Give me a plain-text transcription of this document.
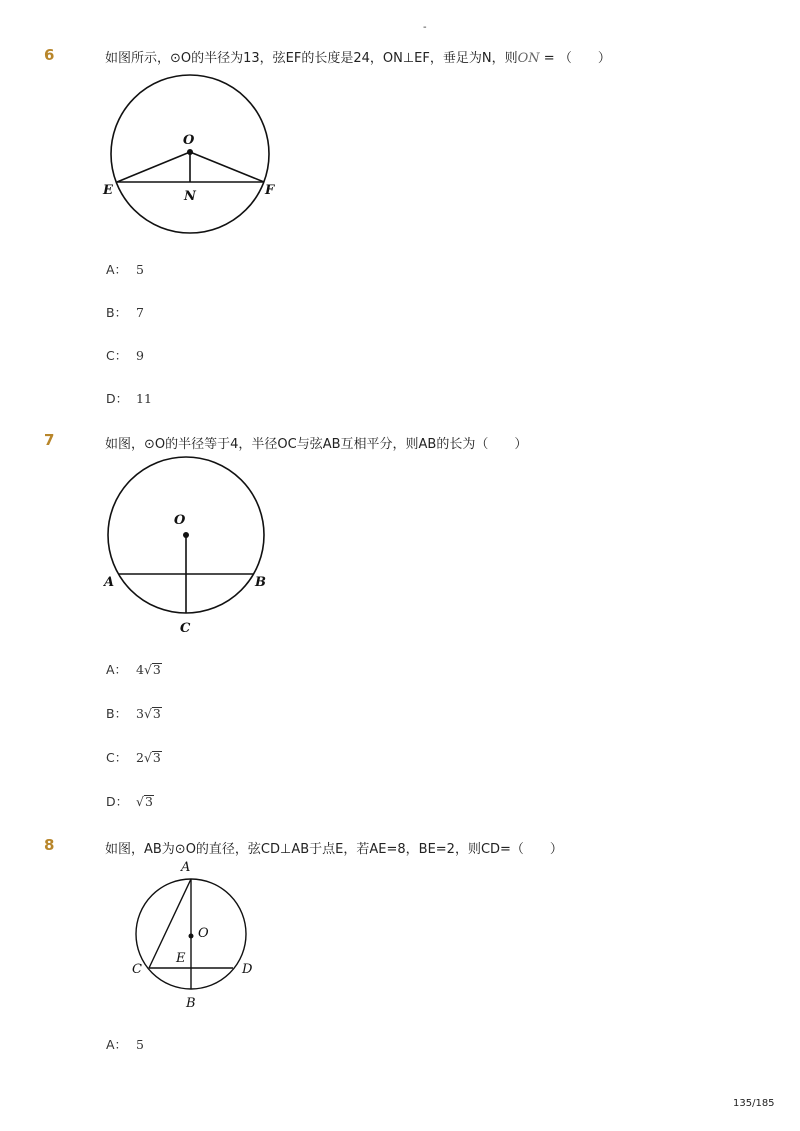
-
6	如图所示，⊙O的半径为13，弦EF的长度是24，ON⊥EF，垂足为N，则ON = （　　）
O
E	N	F
A： 5
B： 7
C： 9
D： 11
7	如图，⊙O的半径等于4，半径OC与弦AB互相平分，则AB的长为（　　）
O
A	B
C
A： 4√3
B： 3√3
C： 2√3
D： √3
8	如图，AB为⊙O的直径，弦CD⊥AB于点E，若AE=8，BE=2，则CD=（　　）
A
O
E
C	D
B
A： 5
135/185
